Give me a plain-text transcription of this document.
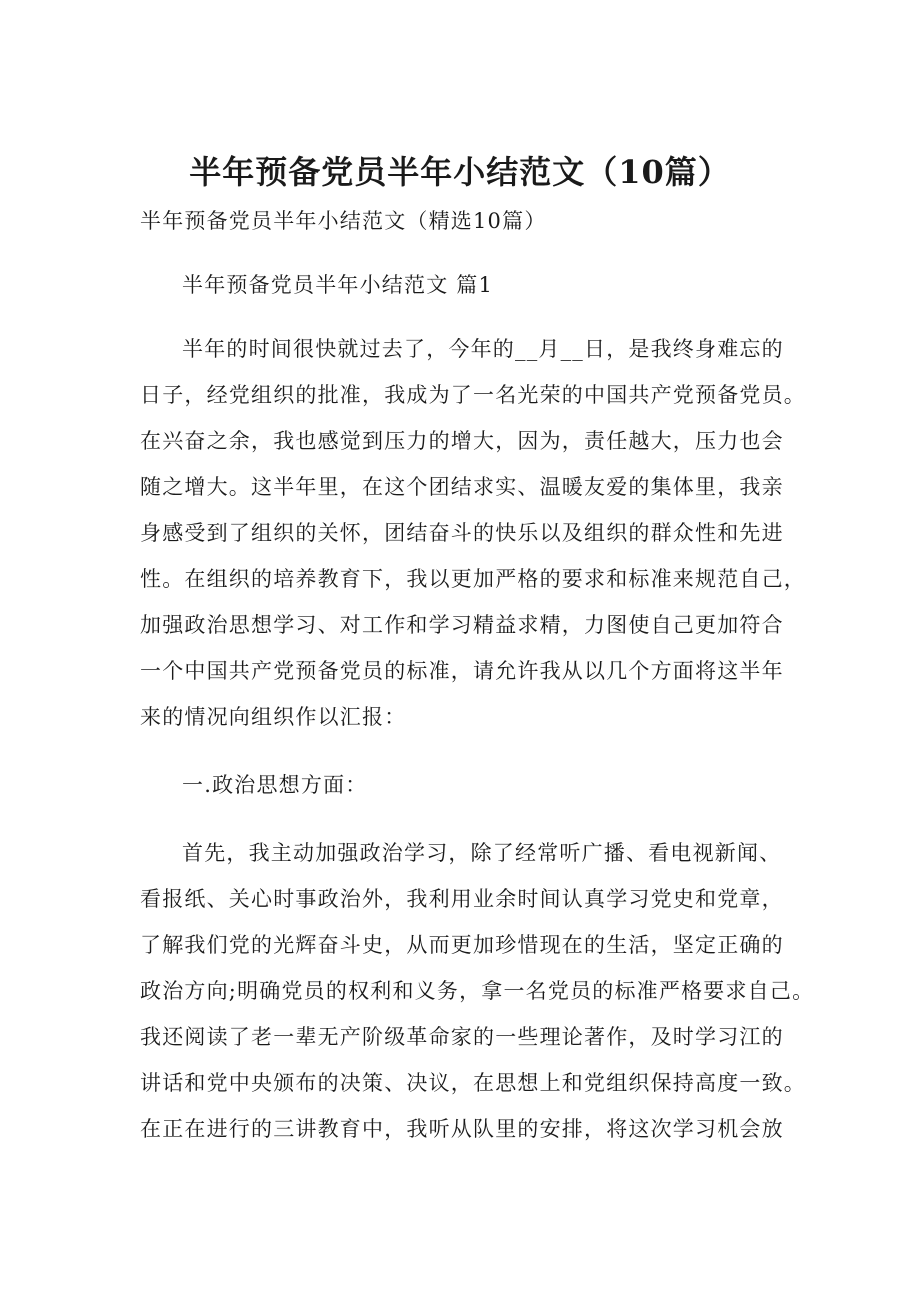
半年预备党员半年小结范文（10篇）
半年预备党员半年小结范文（精选10篇）
半年预备党员半年小结范文 篇1
半年的时间很快就过去了，今年的__月__日，是我终身难忘的
日子，经党组织的批准，我成为了一名光荣的中国共产党预备党员。
在兴奋之余，我也感觉到压力的增大，因为，责任越大，压力也会
随之增大。这半年里，在这个团结求实、温暖友爱的集体里，我亲
身感受到了组织的关怀，团结奋斗的快乐以及组织的群众性和先进
性。在组织的培养教育下，我以更加严格的要求和标准来规范自己，
加强政治思想学习、对工作和学习精益求精，力图使自己更加符合
一个中国共产党预备党员的标准，请允许我从以几个方面将这半年
来的情况向组织作以汇报：
一.政治思想方面：
首先，我主动加强政治学习，除了经常听广播、看电视新闻、
看报纸、关心时事政治外，我利用业余时间认真学习党史和党章，
了解我们党的光辉奋斗史，从而更加珍惜现在的生活，坚定正确的
政治方向;明确党员的权利和义务，拿一名党员的标准严格要求自己。
我还阅读了老一辈无产阶级革命家的一些理论著作，及时学习江的
讲话和党中央颁布的决策、决议，在思想上和党组织保持高度一致。
在正在进行的三讲教育中，我听从队里的安排，将这次学习机会放
